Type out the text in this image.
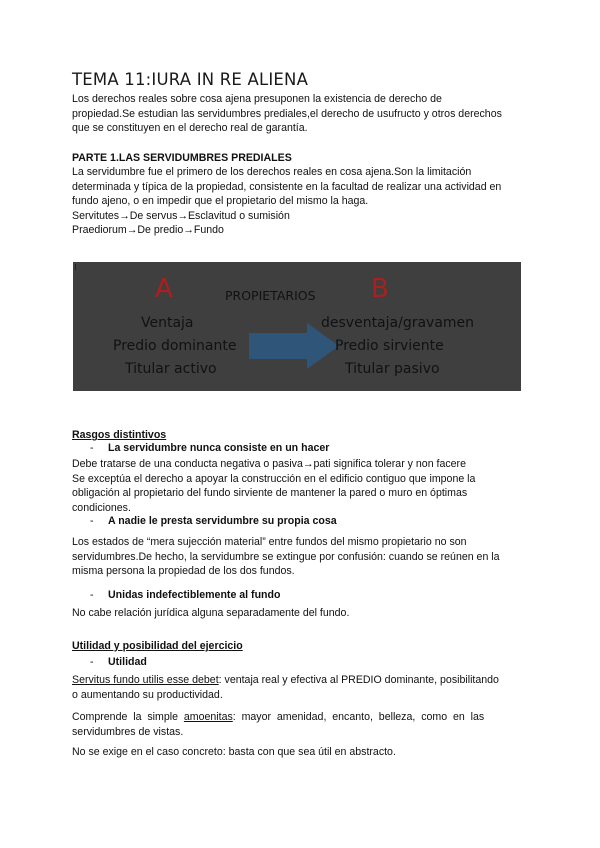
TEMA 11:IURA IN RE ALIENA
Los derechos reales sobre cosa ajena presuponen la existencia de derecho de
propiedad.Se estudian las servidumbres prediales,el derecho de usufructo y otros derechos
que se constituyen en el derecho real de garantía.
PARTE 1.LAS SERVIDUMBRES PREDIALES
La servidumbre fue el primero de los derechos reales en cosa ajena.Son la limitación
determinada y típica de la propiedad, consistente en la facultad de realizar una actividad en
fundo ajeno, o en impedir que el propietario del mismo la haga.
Servitutes→De servus→Esclavitud o sumisión
Praediorum→De predio→Fundo
A	PROPIETARIOS B
Ventaja
Predio dominante
Titular activo
desventaja/gravamen
Predio sirviente
Titular pasivo
Rasgos distintivos
- La servidumbre nunca consiste en un hacer
Debe tratarse de una conducta negativa o pasiva→pati significa tolerar y non facere
Se exceptúa el derecho a apoyar la construcción en el edificio contiguo que impone la
obligación al propietario del fundo sirviente de mantener la pared o muro en óptimas
condiciones.
- A nadie le presta servidumbre su propia cosa
Los estados de “mera sujección material” entre fundos del mismo propietario no son
servidumbres.De hecho, la servidumbre se extingue por confusión: cuando se reúnen en la
misma persona la propiedad de los dos fundos.
- Unidas indefectiblemente al fundo
No cabe relación jurídica alguna separadamente del fundo.
Utilidad y posibilidad del ejercicio
- Utilidad
Servitus fundo utilis esse debet: ventaja real y efectiva al PREDIO dominante, posibilitando
o aumentando su productividad.
Comprende  la  simple  amoenitas:  mayor  amenidad,  encanto,  belleza,  como  en  las
servidumbres de vistas.
No se exige en el caso concreto: basta con que sea útil en abstracto.
